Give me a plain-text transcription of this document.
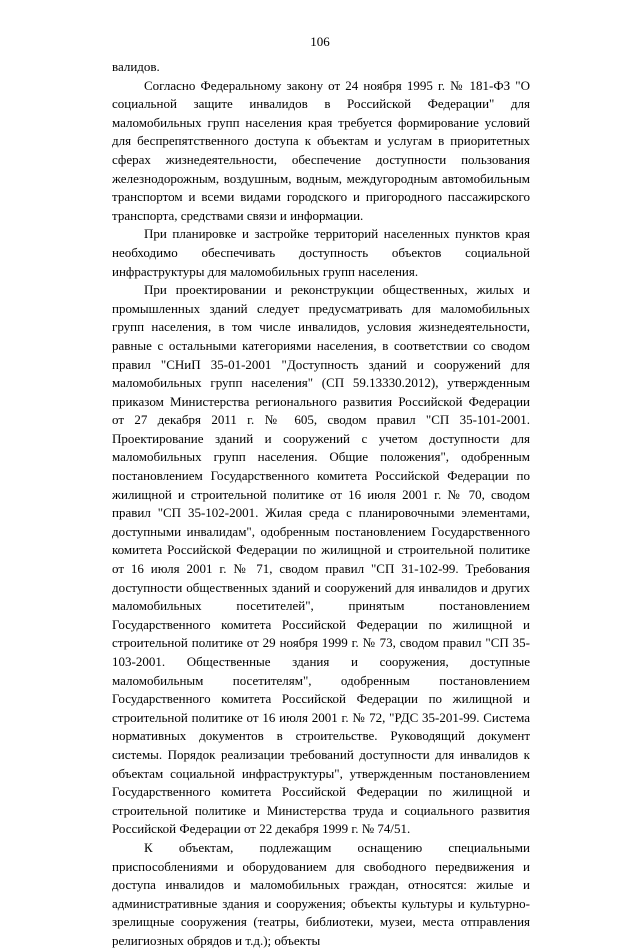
106

валидов.

Согласно Федеральному закону от 24 ноября 1995 г. № 181-ФЗ "О социальной защите инвалидов в Российской Федерации" для маломобильных групп населения края требуется формирование условий для беспрепятственного доступа к объектам и услугам в приоритетных сферах жизнедеятельности, обеспечение доступности пользования железнодорожным, воздушным, водным, междугородным автомобильным транспортом и всеми видами городского и пригородного пассажирского транспорта, средствами связи и информации.

При планировке и застройке территорий населенных пунктов края необходимо обеспечивать доступность объектов социальной инфраструктуры для маломобильных групп населения.

При проектировании и реконструкции общественных, жилых и промышленных зданий следует предусматривать для маломобильных групп населения, в том числе инвалидов, условия жизнедеятельности, равные с остальными категориями населения, в соответствии со сводом правил "СНиП 35-01-2001 "Доступность зданий и сооружений для маломобильных групп населения" (СП 59.13330.2012), утвержденным приказом Министерства регионального развития Российской Федерации от 27 декабря 2011 г. № 605, сводом правил "СП 35-101-2001. Проектирование зданий и сооружений с учетом доступности для маломобильных групп населения. Общие положения", одобренным постановлением Государственного комитета Российской Федерации по жилищной и строительной политике от 16 июля 2001 г. № 70, сводом правил "СП 35-102-2001. Жилая среда с планировочными элементами, доступными инвалидам", одобренным постановлением Государственного комитета Российской Федерации по жилищной и строительной политике от 16 июля 2001 г. № 71, сводом правил "СП 31-102-99. Требования доступности общественных зданий и сооружений для инвалидов и других маломобильных посетителей", принятым постановлением Государственного комитета Российской Федерации по жилищной и строительной политике от 29 ноября 1999 г. № 73, сводом правил "СП 35-103-2001. Общественные здания и сооружения, доступные маломобильным посетителям", одобренным постановлением Государственного комитета Российской Федерации по жилищной и строительной политике от 16 июля 2001 г. № 72, "РДС 35-201-99. Система нормативных документов в строительстве. Руководящий документ системы. Порядок реализации требований доступности для инвалидов к объектам социальной инфраструктуры", утвержденным постановлением Государственного комитета Российской Федерации по жилищной и строительной политике и Министерства труда и социального развития Российской Федерации от 22 декабря 1999 г. № 74/51.

К объектам, подлежащим оснащению специальными приспособлениями и оборудованием для свободного передвижения и доступа инвалидов и маломобильных граждан, относятся: жилые и административные здания и сооружения; объекты культуры и культурно-зрелищные сооружения (театры, библиотеки, музеи, места отправления религиозных обрядов и т.д.); объекты
